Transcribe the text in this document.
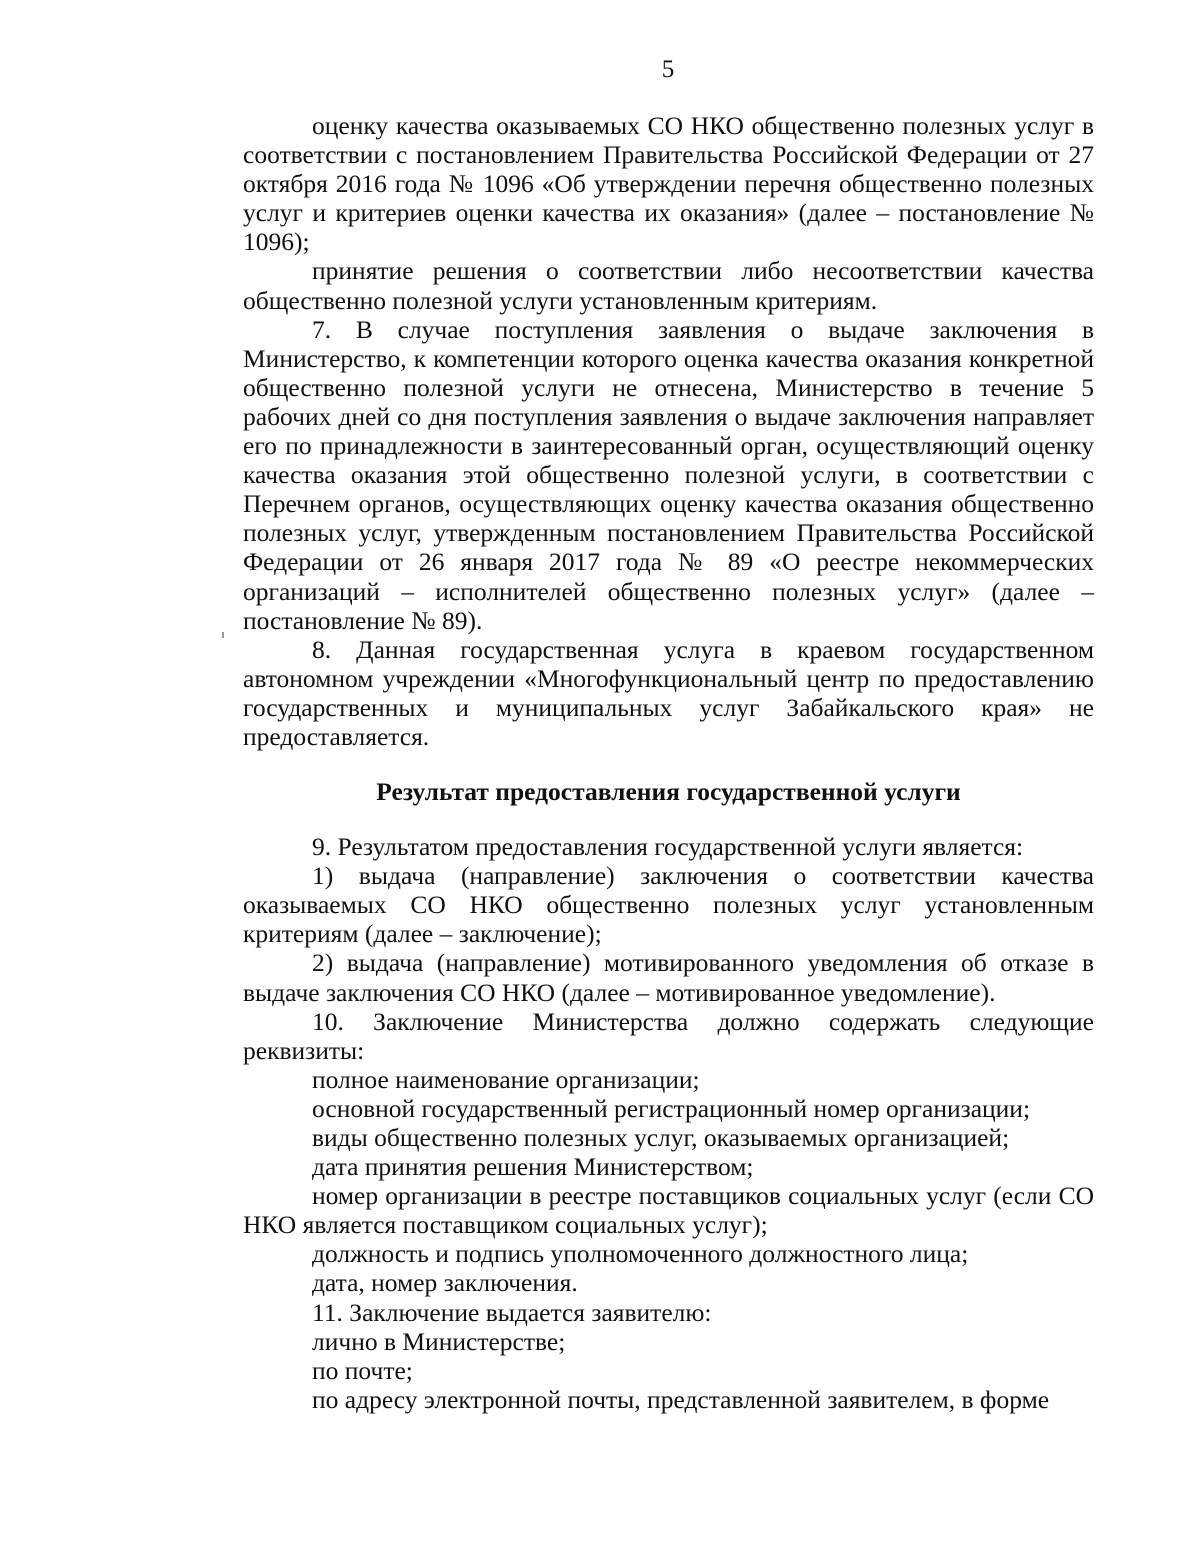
5

оценку качества оказываемых СО НКО общественно полезных услуг в соответствии с постановлением Правительства Российской Федерации от 27 октября 2016 года № 1096 «Об утверждении перечня общественно полезных услуг и критериев оценки качества их оказания» (далее – постановление № 1096);

принятие решения о соответствии либо несоответствии качества общественно полезной услуги установленным критериям.

7. В случае поступления заявления о выдаче заключения в Министерство, к компетенции которого оценка качества оказания конкретной общественно полезной услуги не отнесена, Министерство в течение 5 рабочих дней со дня поступления заявления о выдаче заключения направляет его по принадлежности в заинтересованный орган, осуществляющий оценку качества оказания этой общественно полезной услуги, в соответствии с Перечнем органов, осуществляющих оценку качества оказания общественно полезных услуг, утвержденным постановлением Правительства Российской Федерации от 26 января 2017 года № 89 «О реестре некоммерческих организаций – исполнителей общественно полезных услуг» (далее – постановление № 89).

8. Данная государственная услуга в краевом государственном автономном учреждении «Многофункциональный центр по предоставлению государственных и муниципальных услуг Забайкальского края» не предоставляется.

Результат предоставления государственной услуги

9. Результатом предоставления государственной услуги является:

1) выдача (направление) заключения о соответствии качества оказываемых СО НКО общественно полезных услуг установленным критериям (далее – заключение);

2) выдача (направление) мотивированного уведомления об отказе в выдаче заключения СО НКО (далее – мотивированное уведомление).

10. Заключение Министерства должно содержать следующие реквизиты:

полное наименование организации;

основной государственный регистрационный номер организации;

виды общественно полезных услуг, оказываемых организацией;

дата принятия решения Министерством;

номер организации в реестре поставщиков социальных услуг (если СО НКО является поставщиком социальных услуг);

должность и подпись уполномоченного должностного лица;

дата, номер заключения.

11. Заключение выдается заявителю:

лично в Министерстве;

по почте;

по адресу электронной почты, представленной заявителем, в форме
